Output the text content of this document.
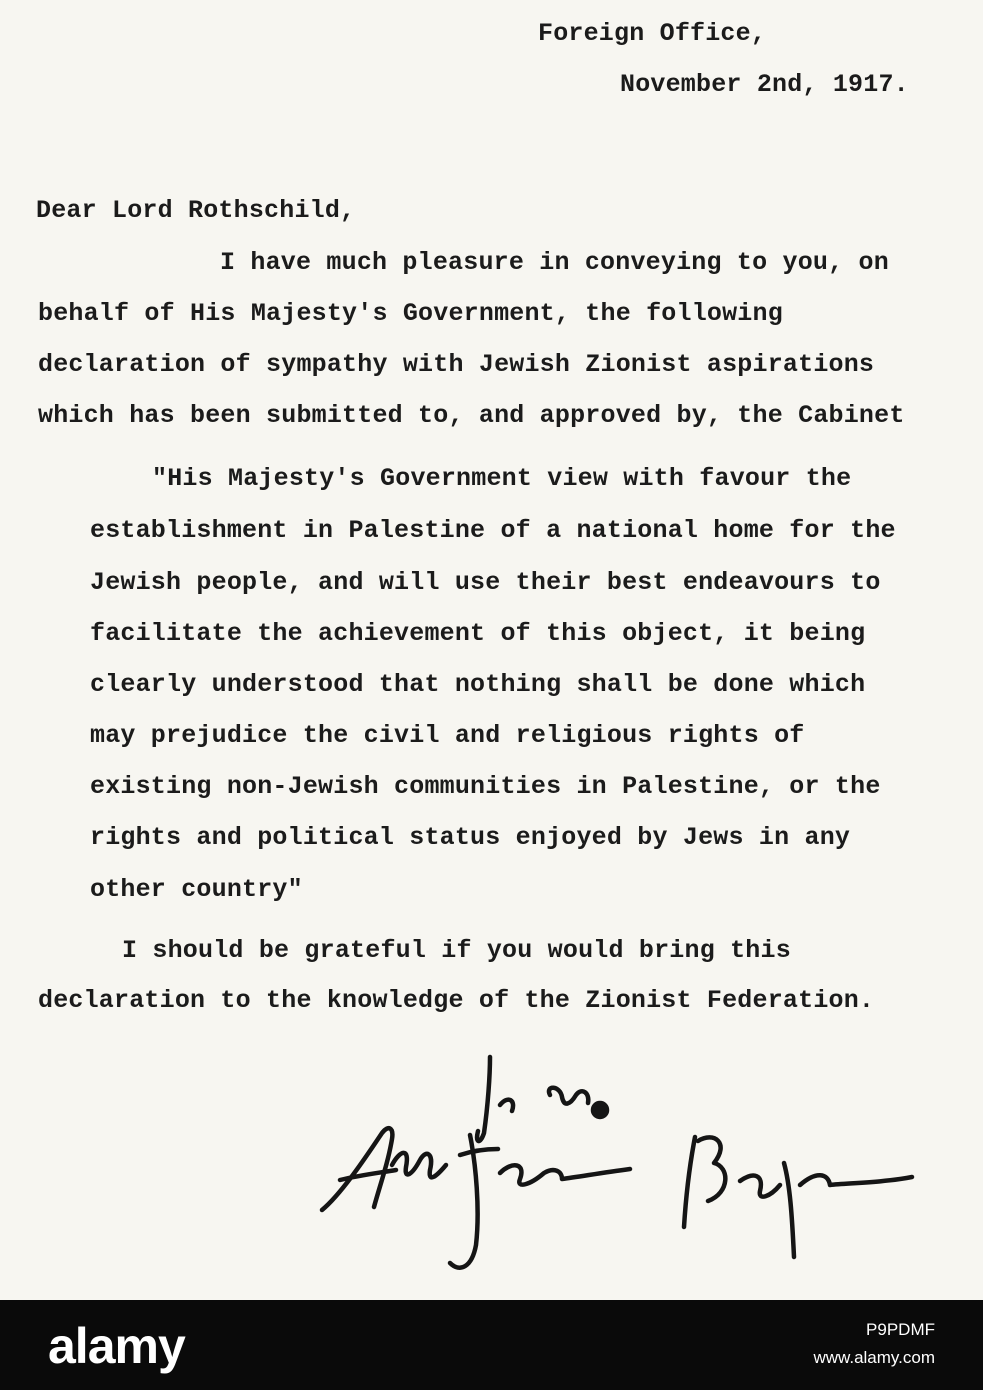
Foreign Office,
November 2nd, 1917.
Dear Lord Rothschild,
I have much pleasure in conveying to you, on
behalf of His Majesty's Government, the following
declaration of sympathy with Jewish Zionist aspirations
which has been submitted to, and approved by, the Cabinet
"His Majesty's Government view with favour the
establishment in Palestine of a national home for the
Jewish people, and will use their best endeavours to
facilitate the achievement of this object, it being
clearly understood that nothing shall be done which
may prejudice the civil and religious rights of
existing non-Jewish communities in Palestine, or the
rights and political status enjoyed by Jews in any
other country"
I should be grateful if you would bring this
declaration to the knowledge of the Zionist Federation.
alamy	P9PDMF
www.alamy.com
